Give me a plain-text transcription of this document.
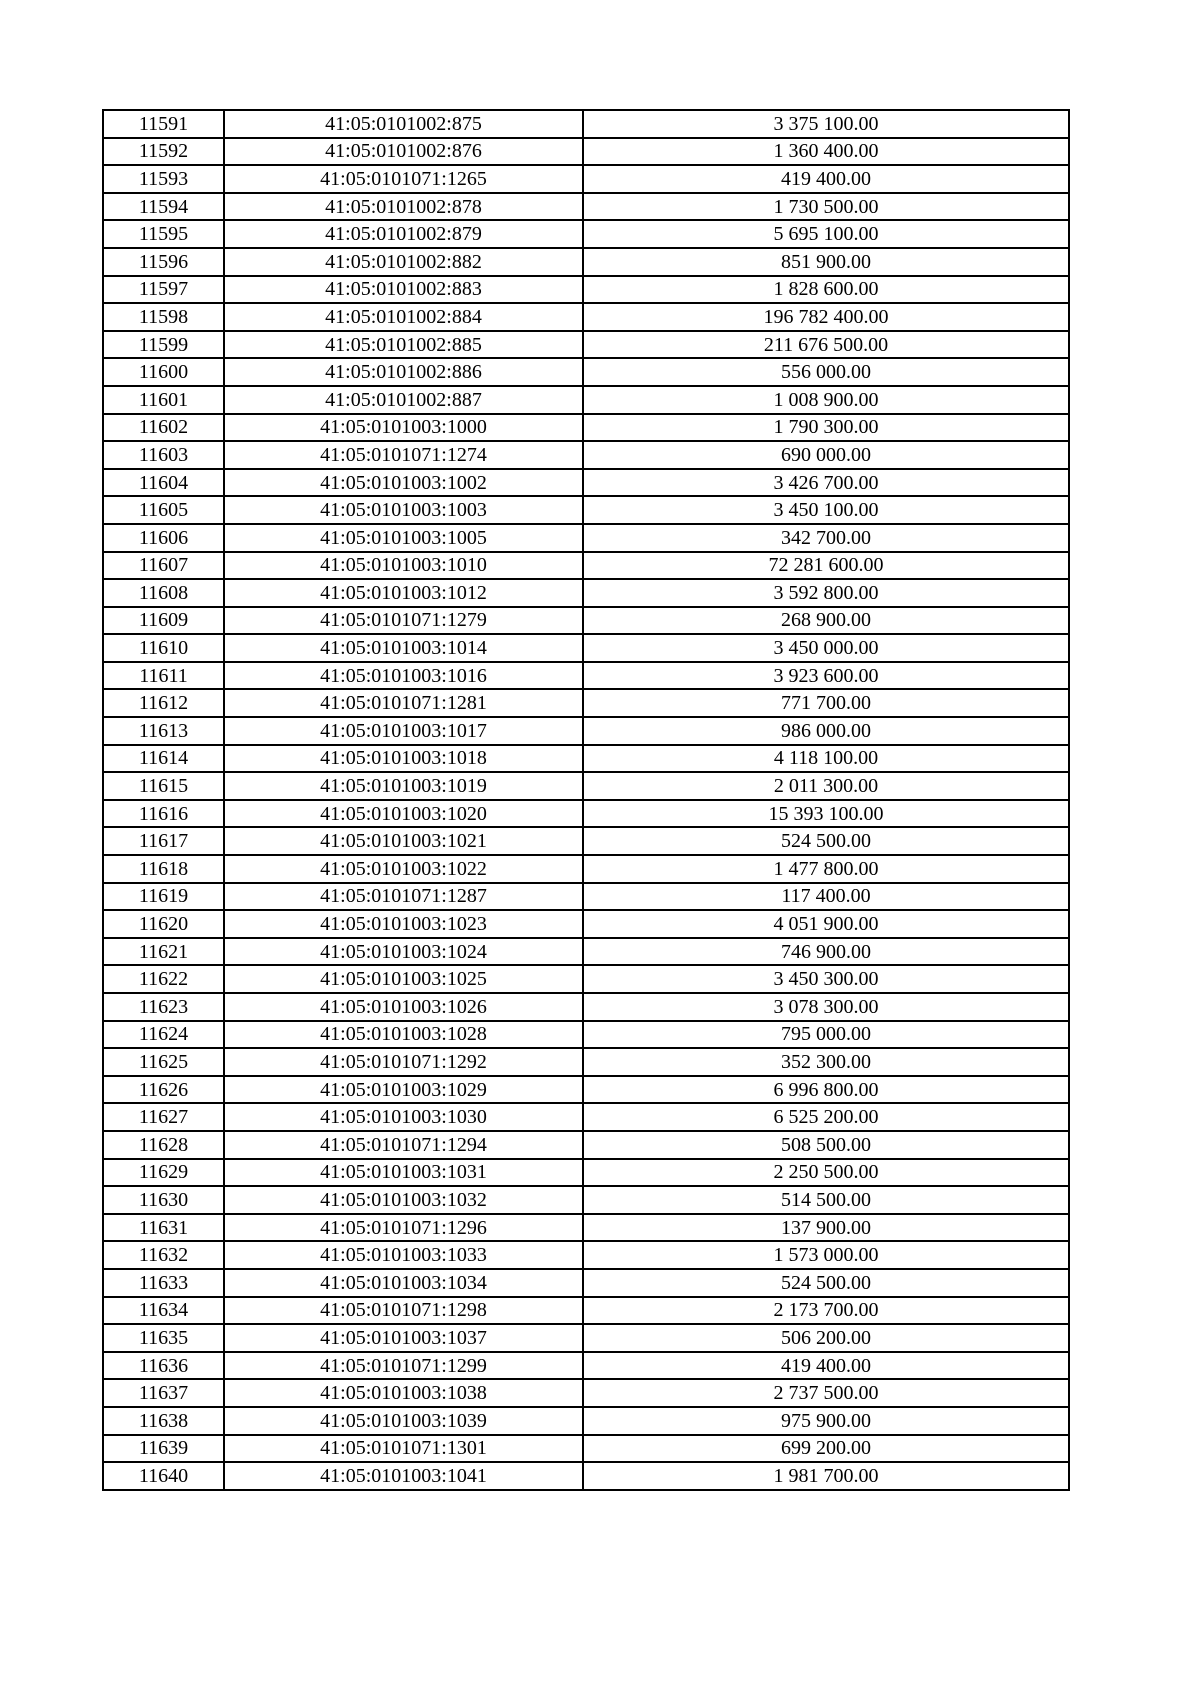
11591	41:05:0101002:875	3 375 100.00
11592	41:05:0101002:876	1 360 400.00
11593	41:05:0101071:1265	419 400.00
11594	41:05:0101002:878	1 730 500.00
11595	41:05:0101002:879	5 695 100.00
11596	41:05:0101002:882	851 900.00
11597	41:05:0101002:883	1 828 600.00
11598	41:05:0101002:884	196 782 400.00
11599	41:05:0101002:885	211 676 500.00
11600	41:05:0101002:886	556 000.00
11601	41:05:0101002:887	1 008 900.00
11602	41:05:0101003:1000	1 790 300.00
11603	41:05:0101071:1274	690 000.00
11604	41:05:0101003:1002	3 426 700.00
11605	41:05:0101003:1003	3 450 100.00
11606	41:05:0101003:1005	342 700.00
11607	41:05:0101003:1010	72 281 600.00
11608	41:05:0101003:1012	3 592 800.00
11609	41:05:0101071:1279	268 900.00
11610	41:05:0101003:1014	3 450 000.00
11611	41:05:0101003:1016	3 923 600.00
11612	41:05:0101071:1281	771 700.00
11613	41:05:0101003:1017	986 000.00
11614	41:05:0101003:1018	4 118 100.00
11615	41:05:0101003:1019	2 011 300.00
11616	41:05:0101003:1020	15 393 100.00
11617	41:05:0101003:1021	524 500.00
11618	41:05:0101003:1022	1 477 800.00
11619	41:05:0101071:1287	117 400.00
11620	41:05:0101003:1023	4 051 900.00
11621	41:05:0101003:1024	746 900.00
11622	41:05:0101003:1025	3 450 300.00
11623	41:05:0101003:1026	3 078 300.00
11624	41:05:0101003:1028	795 000.00
11625	41:05:0101071:1292	352 300.00
11626	41:05:0101003:1029	6 996 800.00
11627	41:05:0101003:1030	6 525 200.00
11628	41:05:0101071:1294	508 500.00
11629	41:05:0101003:1031	2 250 500.00
11630	41:05:0101003:1032	514 500.00
11631	41:05:0101071:1296	137 900.00
11632	41:05:0101003:1033	1 573 000.00
11633	41:05:0101003:1034	524 500.00
11634	41:05:0101071:1298	2 173 700.00
11635	41:05:0101003:1037	506 200.00
11636	41:05:0101071:1299	419 400.00
11637	41:05:0101003:1038	2 737 500.00
11638	41:05:0101003:1039	975 900.00
11639	41:05:0101071:1301	699 200.00
11640	41:05:0101003:1041	1 981 700.00
